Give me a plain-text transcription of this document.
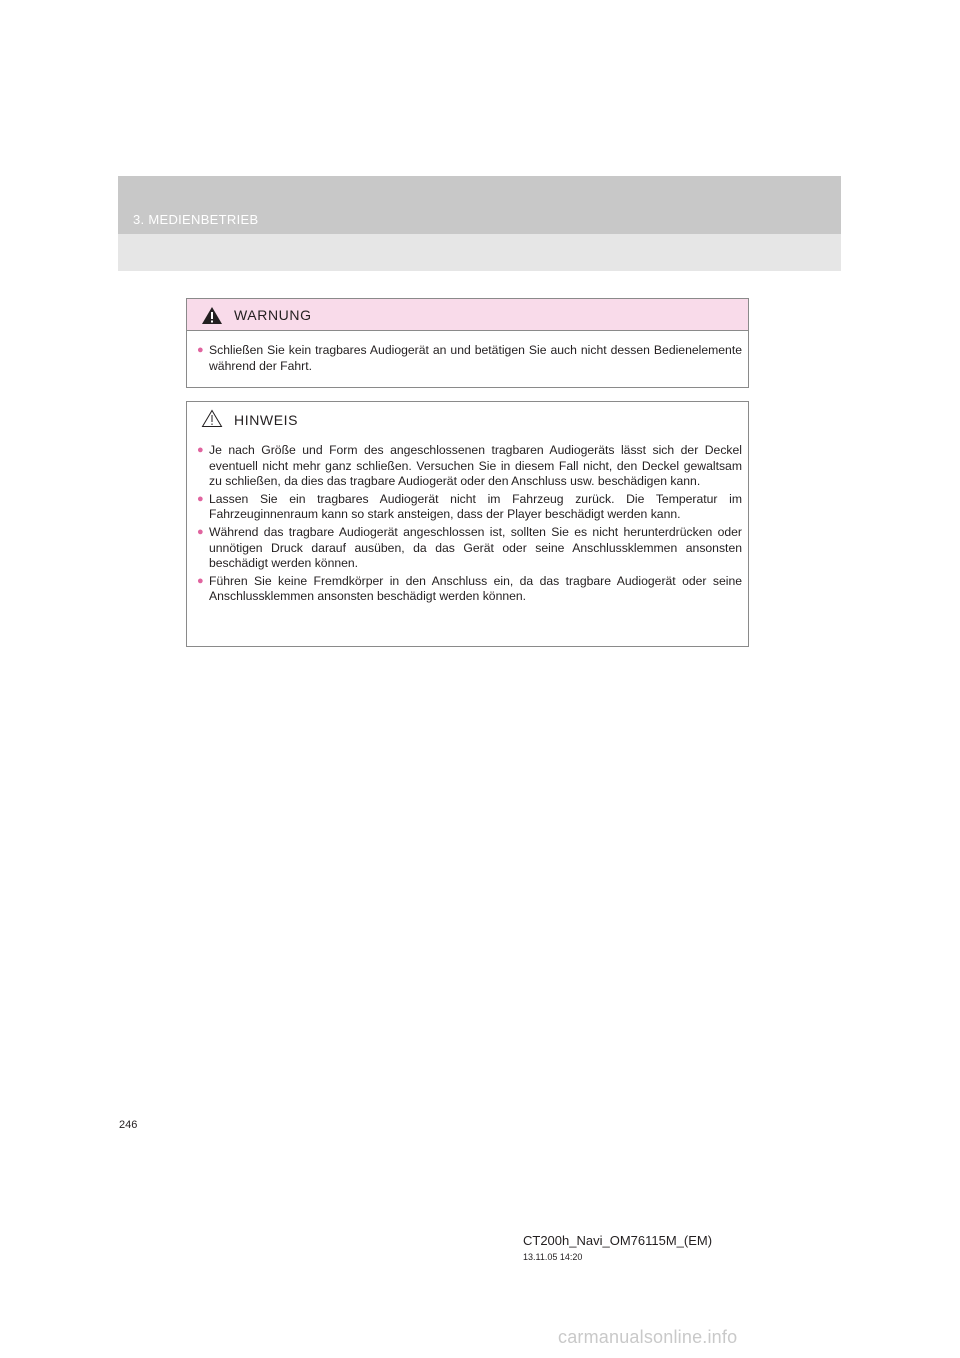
3. MEDIENBETRIEB
WARNUNG
● Schließen Sie kein tragbares Audiogerät an und betätigen Sie auch nicht dessen Bedienelemente während der Fahrt.
HINWEIS
● Je nach Größe und Form des angeschlossenen tragbaren Audiogeräts lässt sich der Deckel eventuell nicht mehr ganz schließen. Versuchen Sie in diesem Fall nicht, den Deckel gewaltsam zu schließen, da dies das tragbare Audiogerät oder den Anschluss usw. beschädigen kann.
● Lassen Sie ein tragbares Audiogerät nicht im Fahrzeug zurück. Die Temperatur im Fahrzeuginnenraum kann so stark ansteigen, dass der Player beschädigt werden kann.
● Während das tragbare Audiogerät angeschlossen ist, sollten Sie es nicht herunterdrücken oder unnötigen Druck darauf ausüben, da das Gerät oder seine Anschlussklemmen ansonsten beschädigt werden können.
● Führen Sie keine Fremdkörper in den Anschluss ein, da das tragbare Audiogerät oder seine Anschlussklemmen ansonsten beschädigt werden können.
246
CT200h_Navi_OM76115M_(EM)
13.11.05 14:20
carmanualsonline.info
